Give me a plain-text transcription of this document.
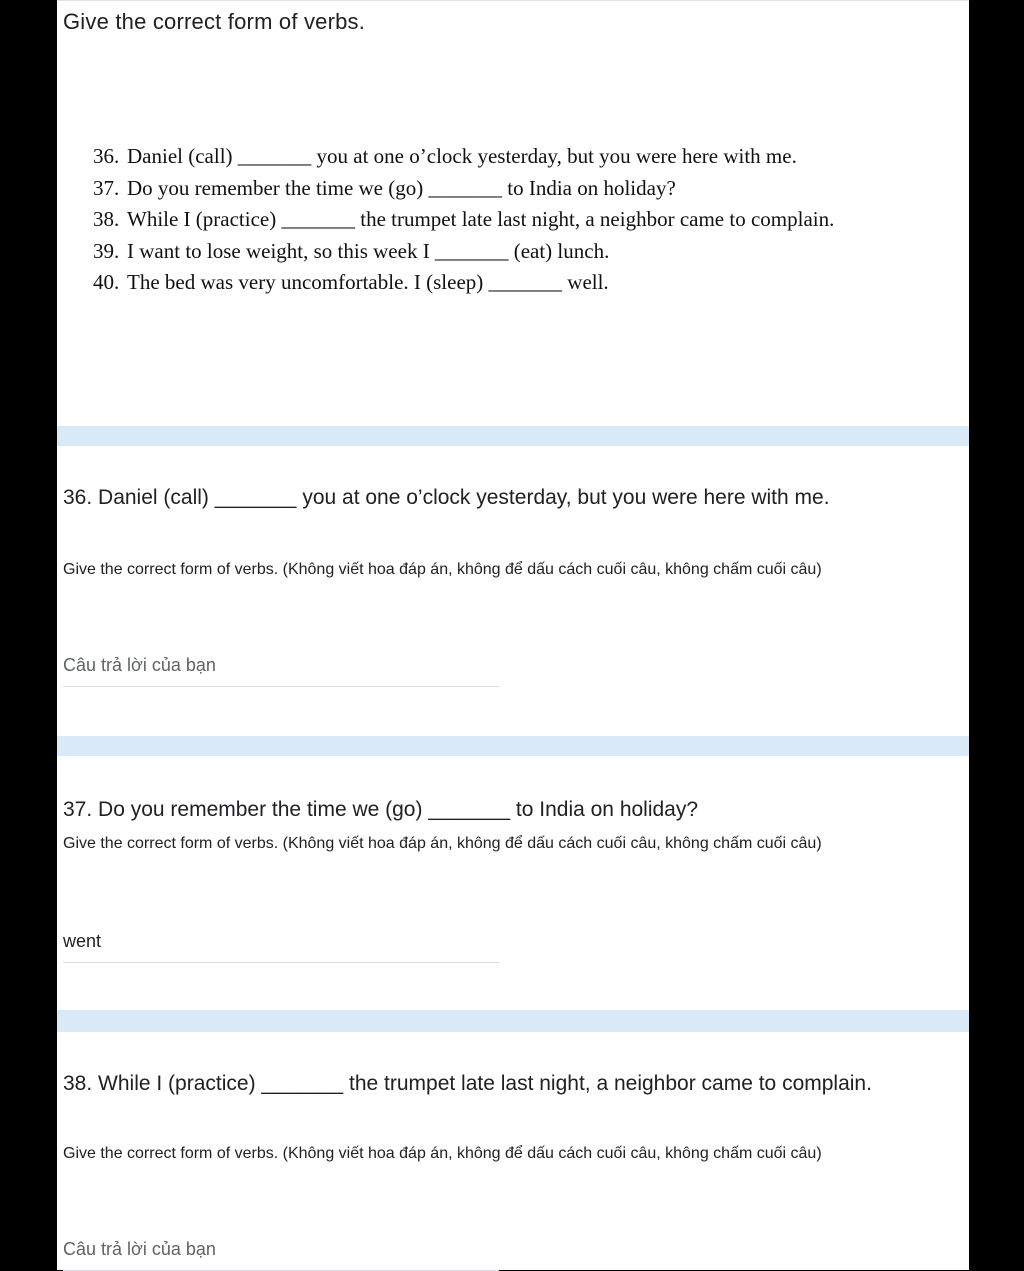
Give the correct form of verbs.
36. Daniel (call) _______ you at one o’clock yesterday, but you were here with me.
37. Do you remember the time we (go) _______ to India on holiday?
38. While I (practice) _______ the trumpet late last night, a neighbor came to complain.
39. I want to lose weight, so this week I _______ (eat) lunch.
40. The bed was very uncomfortable. I (sleep) _______ well.
36. Daniel (call) _______ you at one o’clock yesterday, but you were here with me.
Give the correct form of verbs. (Không viết hoa đáp án, không để dấu cách cuối câu, không chấm cuối câu)
Câu trả lời của bạn
37. Do you remember the time we (go) _______ to India on holiday?
Give the correct form of verbs. (Không viết hoa đáp án, không để dấu cách cuối câu, không chấm cuối câu)
went
38. While I (practice) _______ the trumpet late last night, a neighbor came to complain.
Give the correct form of verbs. (Không viết hoa đáp án, không để dấu cách cuối câu, không chấm cuối câu)
Câu trả lời của bạn
